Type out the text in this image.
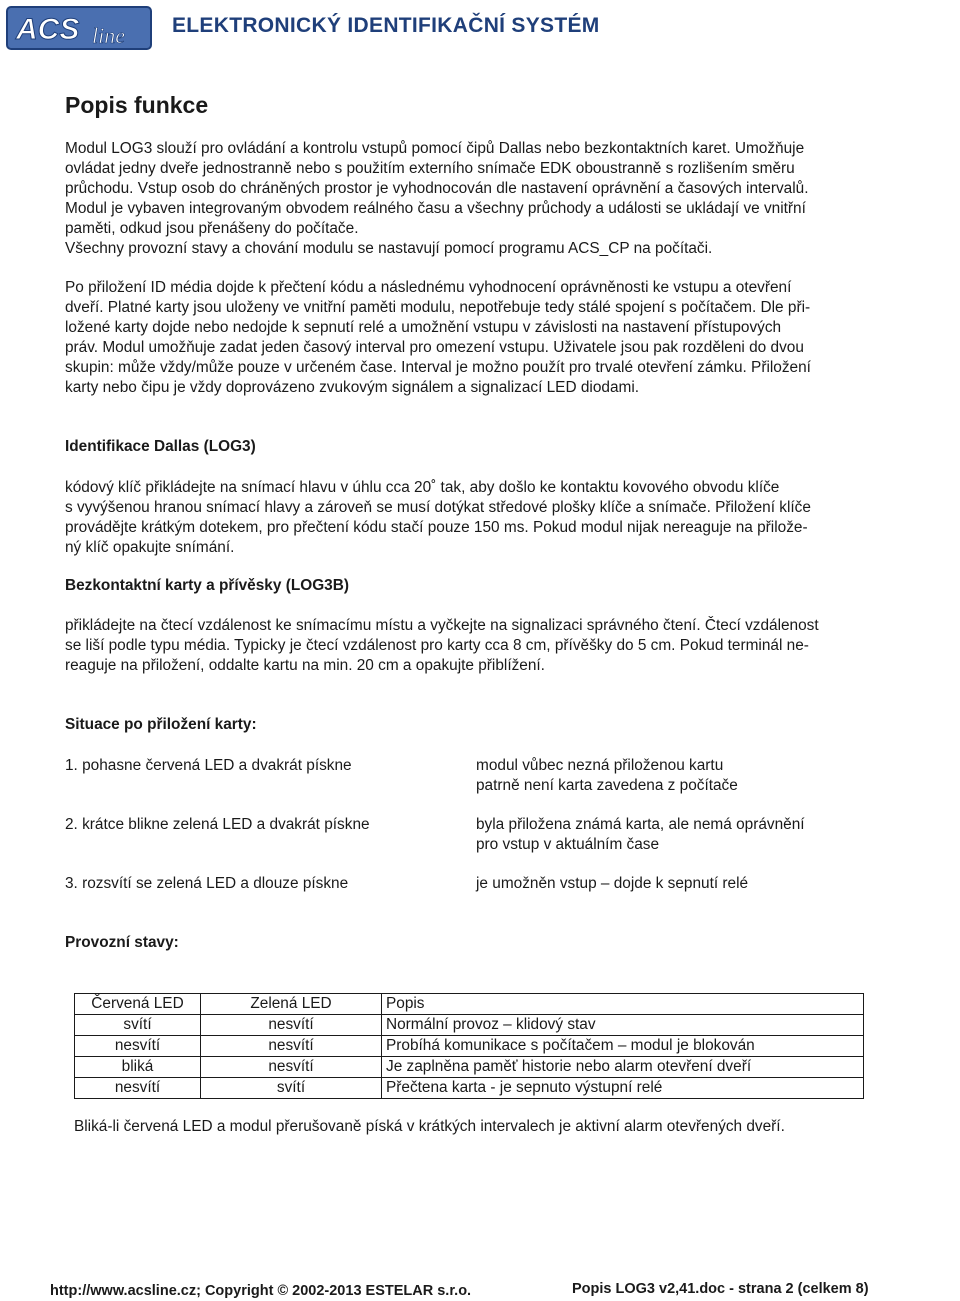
ACS line ELEKTRONICKÝ IDENTIFIKAČNÍ SYSTÉM
Popis funkce
Modul LOG3 slouží pro ovládání a kontrolu vstupů pomocí čipů Dallas nebo bezkontaktních karet. Umožňuje
ovládat jedny dveře jednostranně nebo s použitím externího snímače EDK oboustranně s rozlišením směru
průchodu. Vstup osob do chráněných prostor je vyhodnocován dle nastavení oprávnění a časových intervalů.
Modul je vybaven integrovaným obvodem reálného času a všechny průchody a události se ukládají ve vnitřní
paměti, odkud jsou přenášeny do počítače.
Všechny provozní stavy a chování modulu se nastavují pomocí programu ACS_CP na počítači.
Po přiložení ID média dojde k přečtení kódu a následnému vyhodnocení oprávněnosti ke vstupu a otevření
dveří. Platné karty jsou uloženy ve vnitřní paměti modulu, nepotřebuje tedy stálé spojení s počítačem. Dle při-
ložené karty dojde nebo nedojde k sepnutí relé a umožnění vstupu v závislosti na nastavení přístupových
práv. Modul umožňuje zadat jeden časový interval pro omezení vstupu. Uživatele jsou pak rozděleni do dvou
skupin: může vždy/může pouze v určeném čase. Interval je možno použít pro trvalé otevření zámku. Přiložení
karty nebo čipu je vždy doprovázeno zvukovým signálem a signalizací LED diodami.
Identifikace Dallas (LOG3)
kódový klíč přikládejte na snímací hlavu v úhlu cca 20˚ tak, aby došlo ke kontaktu kovového obvodu klíče
s vyvýšenou hranou snímací hlavy a zároveň se musí dotýkat středové plošky klíče a snímače. Přiložení klíče
provádějte krátkým dotekem, pro přečtení kódu stačí pouze 150 ms. Pokud modul nijak nereaguje na přilože-
ný klíč opakujte snímání.
Bezkontaktní karty a přívěsky (LOG3B)
přikládejte na čtecí vzdálenost ke snímacímu místu a vyčkejte na signalizaci správného čtení. Čtecí vzdálenost
se liší podle typu média. Typicky je čtecí vzdálenost pro karty cca 8 cm, přívěšky do 5 cm. Pokud terminál ne-
reaguje na přiložení, oddalte kartu na min. 20 cm a opakujte přiblížení.
Situace po přiložení karty:
1. pohasne červená LED a dvakrát pískne	modul vůbec nezná přiloženou kartu
patrně není karta zavedena z počítače
2. krátce blikne zelená LED a dvakrát pískne	byla přiložena známá karta, ale nemá oprávnění
pro vstup v aktuálním čase
3. rozsvítí se zelená LED a dlouze pískne	je umožněn vstup – dojde k sepnutí relé
Provozní stavy:
Červená LED	Zelená LED	Popis
svítí	nesvítí	Normální provoz – klidový stav
nesvítí	nesvítí	Probíhá komunikace s počítačem – modul je blokován
bliká	nesvítí	Je zaplněna paměť historie nebo alarm otevření dveří
nesvítí	svítí	Přečtena karta - je sepnuto výstupní relé
Bliká-li červená LED a modul přerušovaně píská v krátkých intervalech je aktivní alarm otevřených dveří.
http://www.acsline.cz; Copyright © 2002-2013 ESTELAR s.r.o.	Popis LOG3 v2,41.doc - strana 2 (celkem 8)
